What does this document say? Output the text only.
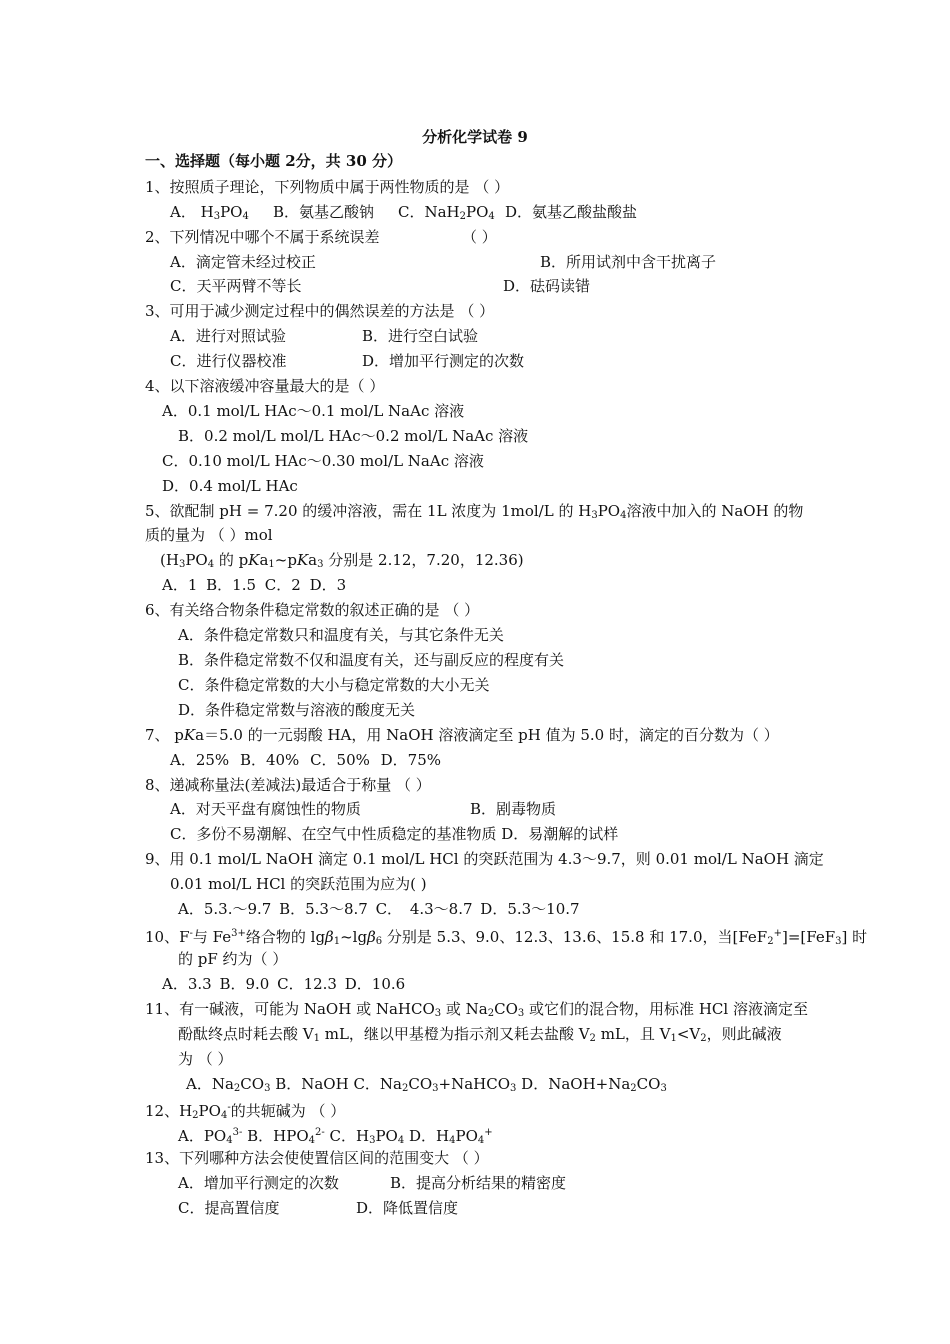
分析化学试卷 9
一、选择题（每小题 2分，共 30 分）
1、按照质子理论，下列物质中属于两性物质的是 （ ）
A． $H_3PO_4$ B．氨基乙酸钠 C．$NaH_2PO_4$ D．氨基乙酸盐酸盐
2、下列情况中哪个不属于系统误差	（ ）
A．滴定管未经过校正	B．所用试剂中含干扰离子
C．天平两臂不等长	D．砝码读错
3、可用于减少测定过程中的偶然误差的方法是 （ ）
A．进行对照试验	B．进行空白试验
C．进行仪器校准	D．增加平行测定的次数
4、以下溶液缓冲容量最大的是（ ）
A．0.1 mol/L HAc～0.1 mol/L NaAc 溶液
B．0.2 mol/L mol/L HAc～0.2 mol/L NaAc 溶液
C．0.10 mol/L HAc～0.30 mol/L NaAc 溶液
D．0.4 mol/L HAc
5、欲配制 pH = 7.20 的缓冲溶液，需在 1L 浓度为 1mol/L 的 $H_3PO_4$溶液中加入的 NaOH 的物
质的量为 （ ）mol
($H_3PO_4$ 的 pKa$_1$~pKa$_3$ 分别是 2.12，7.20，12.36)
A．1 B．1.5 C．2 D．3
6、有关络合物条件稳定常数的叙述正确的是 （ ）
A．条件稳定常数只和温度有关，与其它条件无关
B．条件稳定常数不仅和温度有关，还与副反应的程度有关
C．条件稳定常数的大小与稳定常数的大小无关
D．条件稳定常数与溶液的酸度无关
7、 pKa＝5.0 的一元弱酸 HA，用 NaOH 溶液滴定至 pH 值为 5.0 时，滴定的百分数为（ ）
A．25% B．40% C．50% D．75%
8、递减称量法(差减法)最适合于称量 （ ）
A．对天平盘有腐蚀性的物质	B．剧毒物质
C．多份不易潮解、在空气中性质稳定的基准物质 D．易潮解的试样
9、用 0.1 mol/L NaOH 滴定 0.1 mol/L HCl 的突跃范围为 4.3～9.7，则 0.01 mol/L NaOH 滴定
0.01 mol/L HCl 的突跃范围为应为( )
A．5.3.～9.7 B．5.3～8.7 C． 4.3～8.7 D．5.3～10.7
10、F-与 $Fe^{3+}$络合物的 lgβ$_1$~lgβ$_6$ 分别是 5.3、9.0、12.3、13.6、15.8 和 17.0，当[FeF$_2$+]=[FeF$_3$] 时
的 pF 约为（ ）
A．3.3 B．9.0 C．12.3 D．10.6
11、有一碱液，可能为 NaOH 或 NaHCO$_3$ 或 $Na_2CO_3$ 或它们的混合物，用标准 HCl 溶液滴定至
酚酞终点时耗去酸 $V_1$ mL，继以甲基橙为指示剂又耗去盐酸 $V_2$ mL，且 $V_1<V_2$，则此碱液
为 （ ）
A．$Na_2CO_3$ B．NaOH C．$Na_2CO_3+NaHCO_3$ D．$NaOH+Na_2CO_3$
12、$H_2PO_4^-$的共轭碱为 （ ）
A．$PO_4^{3-}$ B．$HPO_4^{2-}$ C．$H_3PO_4$ D．$H_4PO_4^+$
13、下列哪种方法会使使置信区间的范围变大 （ ）
A．增加平行测定的次数	B．提高分析结果的精密度
C．提高置信度	D．降低置信度
